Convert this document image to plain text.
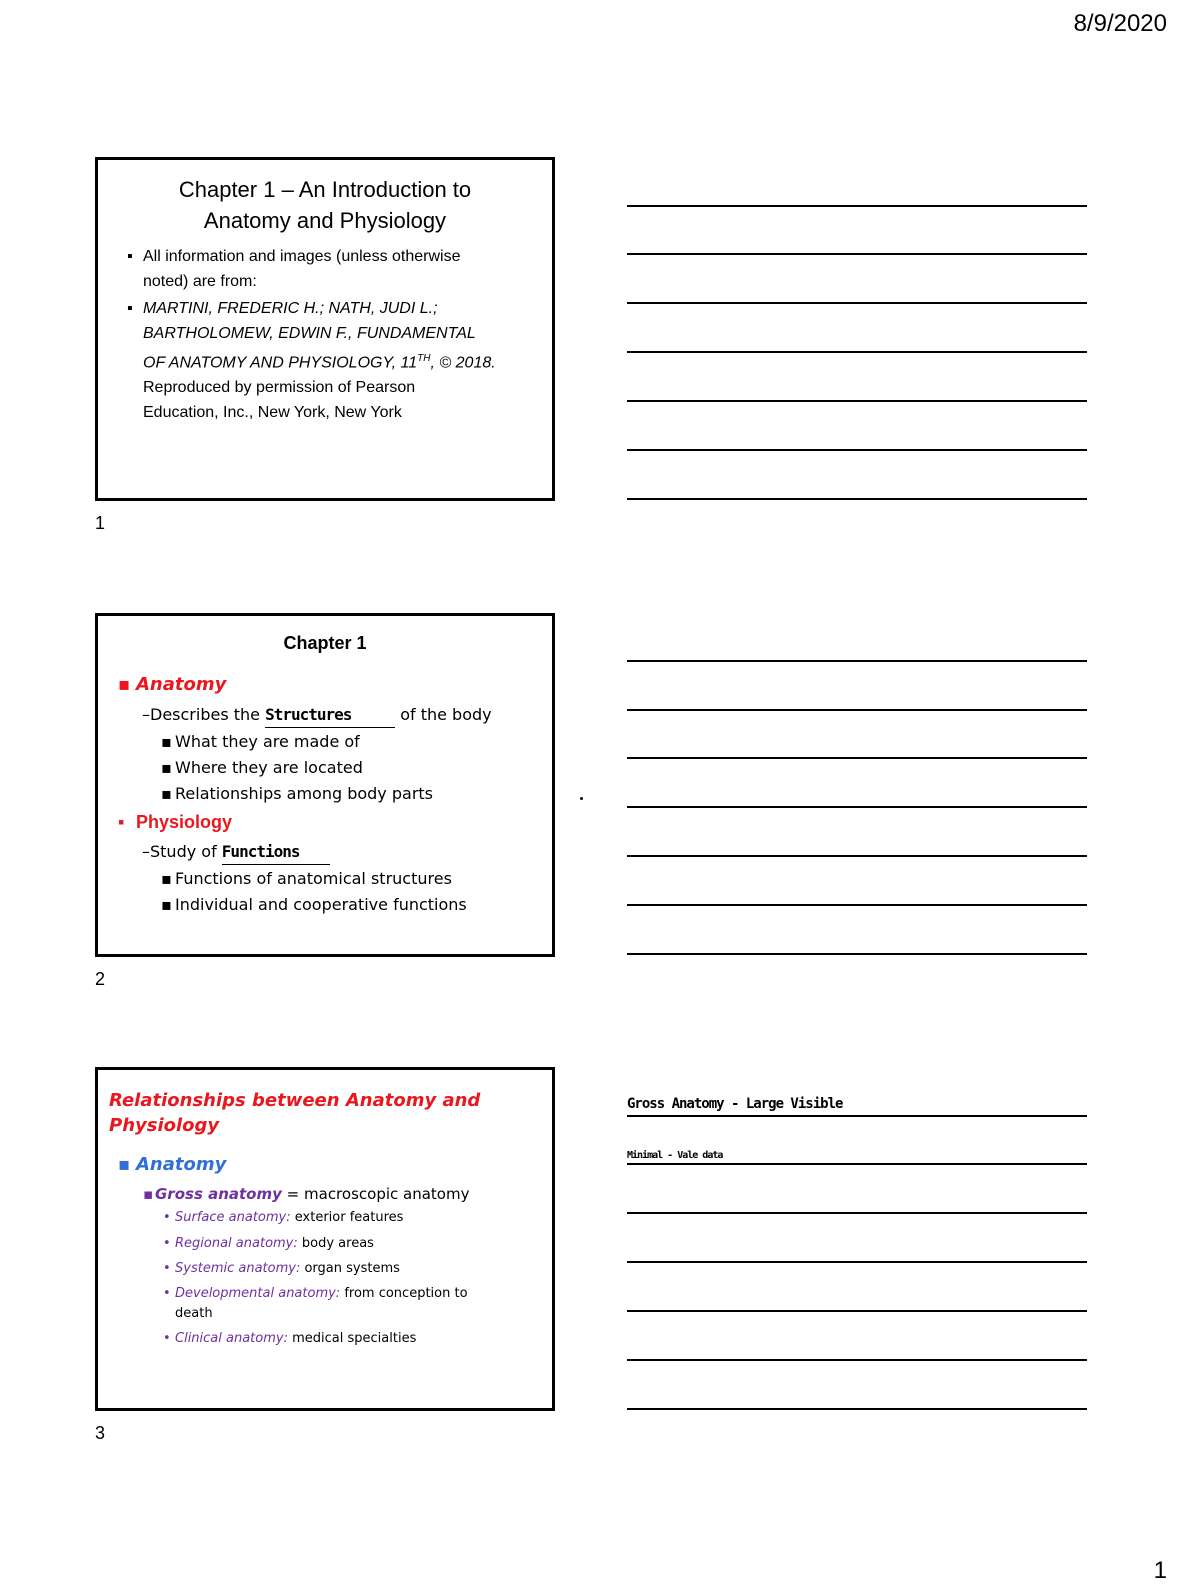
8/9/2020
Chapter 1 – An Introduction to
Anatomy and Physiology
▪ All information and images (unless otherwise
noted) are from:
▪ MARTINI, FREDERIC H.; NATH, JUDI L.;
BARTHOLOMEW, EDWIN F., FUNDAMENTAL
OF ANATOMY AND PHYSIOLOGY, 11TH, © 2018.
Reproduced by permission of Pearson
Education, Inc., New York, New York
1
Chapter 1
▪ Anatomy
–Describes the Structures	of the body
▪ What they are made of
▪ Where they are located
▪ Relationships among body parts
▪ Physiology
–Study of Functions
▪ Functions of anatomical structures
▪ Individual and cooperative functions
2
Relationships between Anatomy and
Physiology
▪ Anatomy
▪ Gross anatomy = macroscopic anatomy
• Surface anatomy: exterior features
• Regional anatomy: body areas
• Systemic anatomy: organ systems
• Developmental anatomy: from conception to
death
• Clinical anatomy: medical specialties
3
Gross Anatomy - Large Visible
Minimal - Vale data
1
